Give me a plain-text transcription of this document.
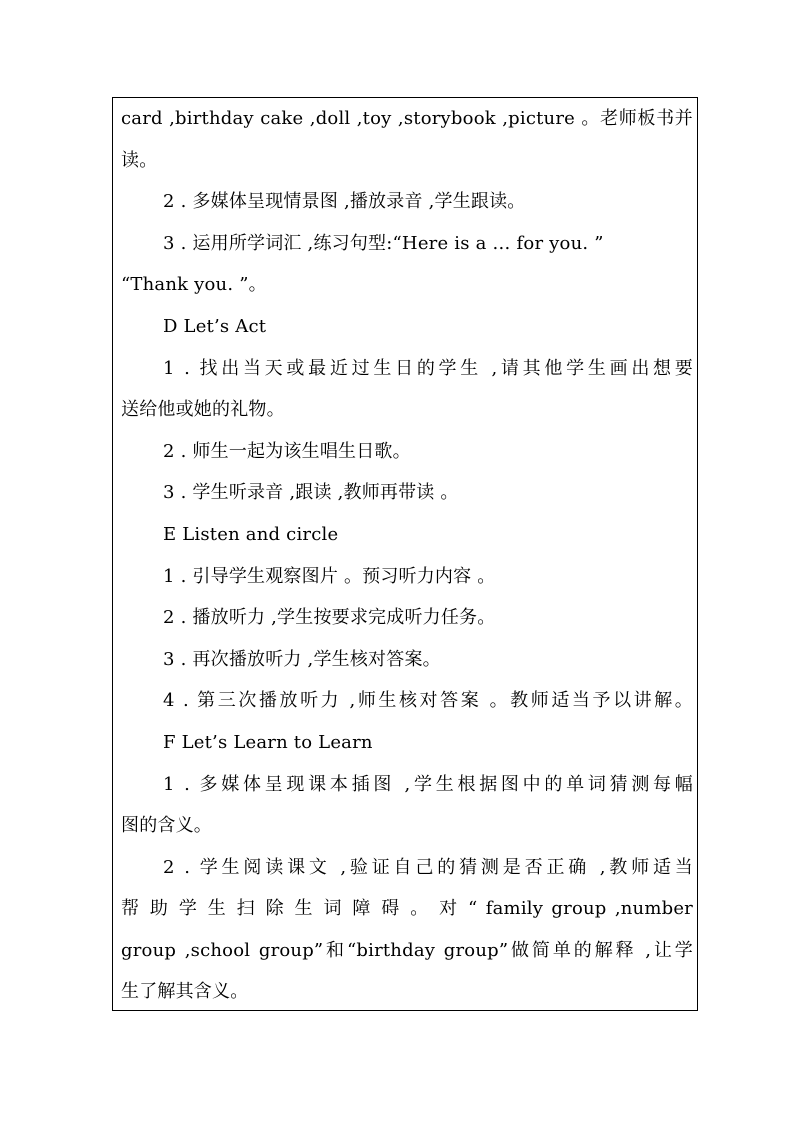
card ,birthday cake ,doll ,toy ,storybook ,picture 。老师板书并
读。
2 . 多媒体呈现情景图 ,播放录音 ,学生跟读。
3 . 运用所学词汇 ,练习句型:“Here is a … for you. ”
“Thank you. ”。
D Let’s Act
1 . 找出当天或最近过生日的学生 ,请其他学生画出想要
送给他或她的礼物。
2 . 师生一起为该生唱生日歌。
3 . 学生听录音 ,跟读 ,教师再带读 。
E Listen and circle
1 . 引导学生观察图片 。预习听力内容 。
2 . 播放听力 ,学生按要求完成听力任务。
3 . 再次播放听力 ,学生核对答案。
4 . 第三次播放听力 ,师生核对答案 。教师适当予以讲解。
F Let’s Learn to Learn
1 . 多媒体呈现课本插图 ,学生根据图中的单词猜测每幅
图的含义。
2 . 学生阅读课文 ,验证自己的猜测是否正确 ,教师适当
帮 助 学 生 扫 除 生 词 障 碍 。 对 “ family group ,number
group ,school group”和“birthday group”做简单的解释 ,让学
生了解其含义。
